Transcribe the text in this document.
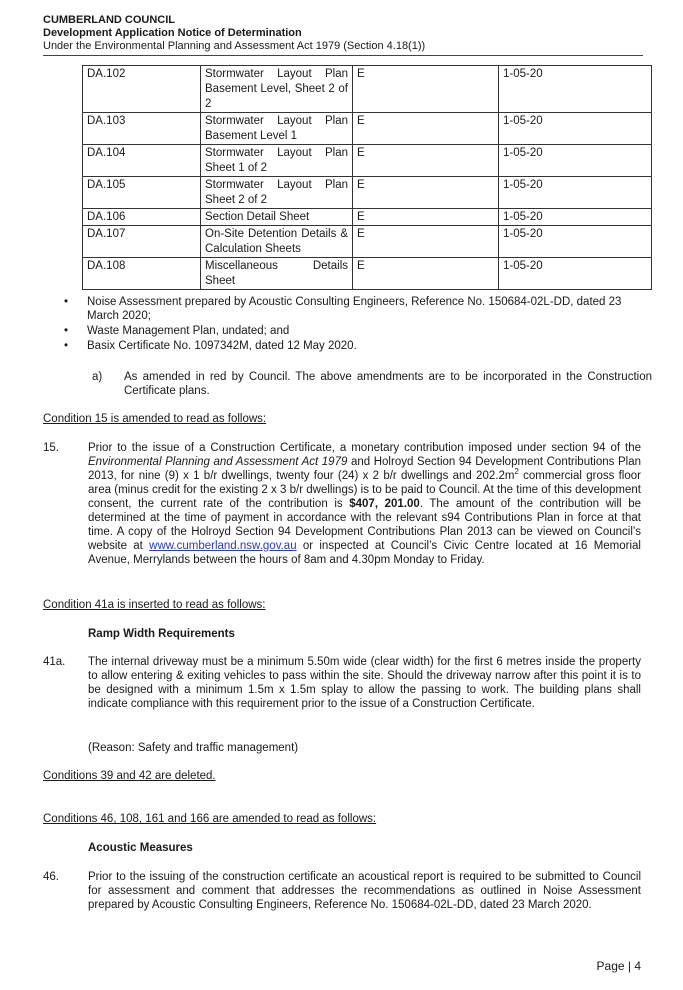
CUMBERLAND COUNCIL
Development Application Notice of Determination
Under the Environmental Planning and Assessment Act 1979 (Section 4.18(1))
DA.102	Stormwater Layout Plan Basement Level, Sheet 2 of 2	E	1-05-20
DA.103	Stormwater Layout Plan Basement Level 1	E	1-05-20
DA.104	Stormwater Layout Plan Sheet 1 of 2	E	1-05-20
DA.105	Stormwater Layout Plan Sheet 2 of 2	E	1-05-20
DA.106	Section Detail Sheet	E	1-05-20
DA.107	On-Site Detention Details & Calculation Sheets	E	1-05-20
DA.108	Miscellaneous Details Sheet	E	1-05-20

• Noise Assessment prepared by Acoustic Consulting Engineers, Reference No. 150684-02L-DD, dated 23 March 2020;

• Waste Management Plan, undated; and

• Basix Certificate No. 1097342M, dated 12 May 2020.

a) As amended in red by Council. The above amendments are to be incorporated in the Construction Certificate plans.
Condition 15 is amended to read as follows:
15.	Prior to the issue of a Construction Certificate, a monetary contribution imposed under section 94 of the Environmental Planning and Assessment Act 1979 and Holroyd Section 94 Development Contributions Plan 2013, for nine (9) x 1 b/r dwellings, twenty four (24) x 2 b/r dwellings and $202.2m^2$ commercial gross floor area (minus credit for the existing 2 x 3 b/r dwellings) is to be paid to Council. At the time of this development consent, the current rate of the contribution is $407, 201.00. The amount of the contribution will be determined at the time of payment in accordance with the relevant s94 Contributions Plan in force at that time. A copy of the Holroyd Section 94 Development Contributions Plan 2013 can be viewed on Council’s website at www.cumberland.nsw.gov.au or inspected at Council’s Civic Centre located at 16 Memorial Avenue, Merrylands between the hours of 8am and 4.30pm Monday to Friday.
Condition 41a is inserted to read as follows:
Ramp Width Requirements
41a. The internal driveway must be a minimum 5.50m wide (clear width) for the first 6 metres inside the property to allow entering & exiting vehicles to pass within the site. Should the driveway narrow after this point it is to be designed with a minimum 1.5m x 1.5m splay to allow the passing to work. The building plans shall indicate compliance with this requirement prior to the issue of a Construction Certificate.
(Reason: Safety and traffic management)
Conditions 39 and 42 are deleted.
Conditions 46, 108, 161 and 166 are amended to read as follows:
Acoustic Measures
46.	Prior to the issuing of the construction certificate an acoustical report is required to be submitted to Council for assessment and comment that addresses the recommendations as outlined in Noise Assessment prepared by Acoustic Consulting Engineers, Reference No. 150684-02L-DD, dated 23 March 2020.
Page | 4
